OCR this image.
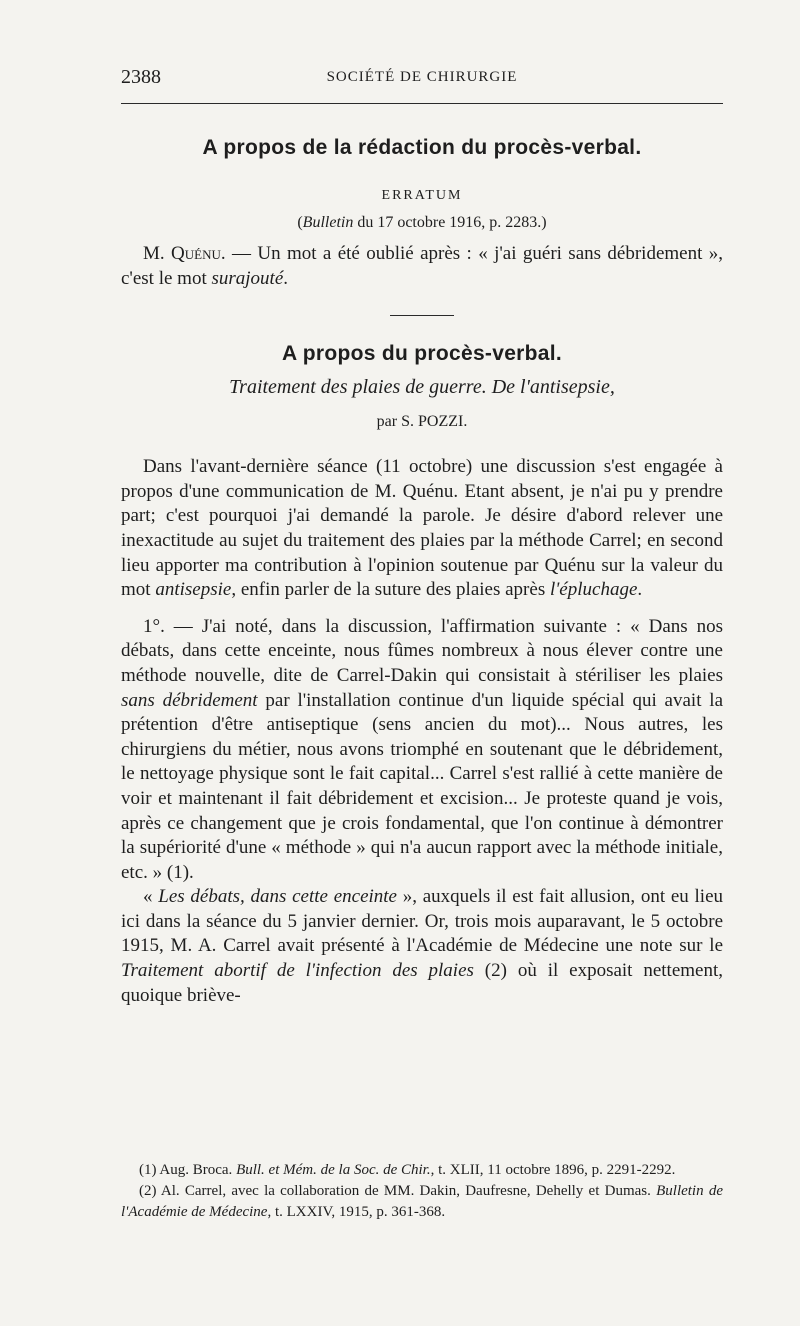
2388	SOCIÉTÉ DE CHIRURGIE
A propos de la rédaction du procès-verbal.
ERRATUM
(Bulletin du 17 octobre 1916, p. 2283.)

M. Quénu. — Un mot a été oublié après : « j'ai guéri sans débridement », c'est le mot surajouté.

A propos du procès-verbal.
Traitement des plaies de guerre. De l'antisepsie,
par S. POZZI.

Dans l'avant-dernière séance (11 octobre) une discussion s'est engagée à propos d'une communication de M. Quénu. Etant absent, je n'ai pu y prendre part; c'est pourquoi j'ai demandé la parole. Je désire d'abord relever une inexactitude au sujet du traitement des plaies par la méthode Carrel; en second lieu apporter ma contribution à l'opinion soutenue par Quénu sur la valeur du mot antisepsie, enfin parler de la suture des plaies après l'épluchage.

1°. — J'ai noté, dans la discussion, l'affirmation suivante : « Dans nos débats, dans cette enceinte, nous fûmes nombreux à nous élever contre une méthode nouvelle, dite de Carrel-Dakin qui consistait à stériliser les plaies sans débridement par l'installation continue d'un liquide spécial qui avait la prétention d'être antiseptique (sens ancien du mot)... Nous autres, les chirurgiens du métier, nous avons triomphé en soutenant que le débridement, le nettoyage physique sont le fait capital... Carrel s'est rallié à cette manière de voir et maintenant il fait débridement et excision... Je proteste quand je vois, après ce changement que je crois fondamental, que l'on continue à démontrer la supériorité d'une « méthode » qui n'a aucun rapport avec la méthode initiale, etc. » (1).

« Les débats, dans cette enceinte », auxquels il est fait allusion, ont eu lieu ici dans la séance du 5 janvier dernier. Or, trois mois auparavant, le 5 octobre 1915, M. A. Carrel avait présenté à l'Académie de Médecine une note sur le Traitement abortif de l'infection des plaies (2) où il exposait nettement, quoique briève-

(1) Aug. Broca. Bull. et Mém. de la Soc. de Chir., t. XLII, 11 octobre 1896, p. 2291-2292.

(2) Al. Carrel, avec la collaboration de MM. Dakin, Daufresne, Dehelly et Dumas. Bulletin de l'Académie de Médecine, t. LXXIV, 1915, p. 361-368.
